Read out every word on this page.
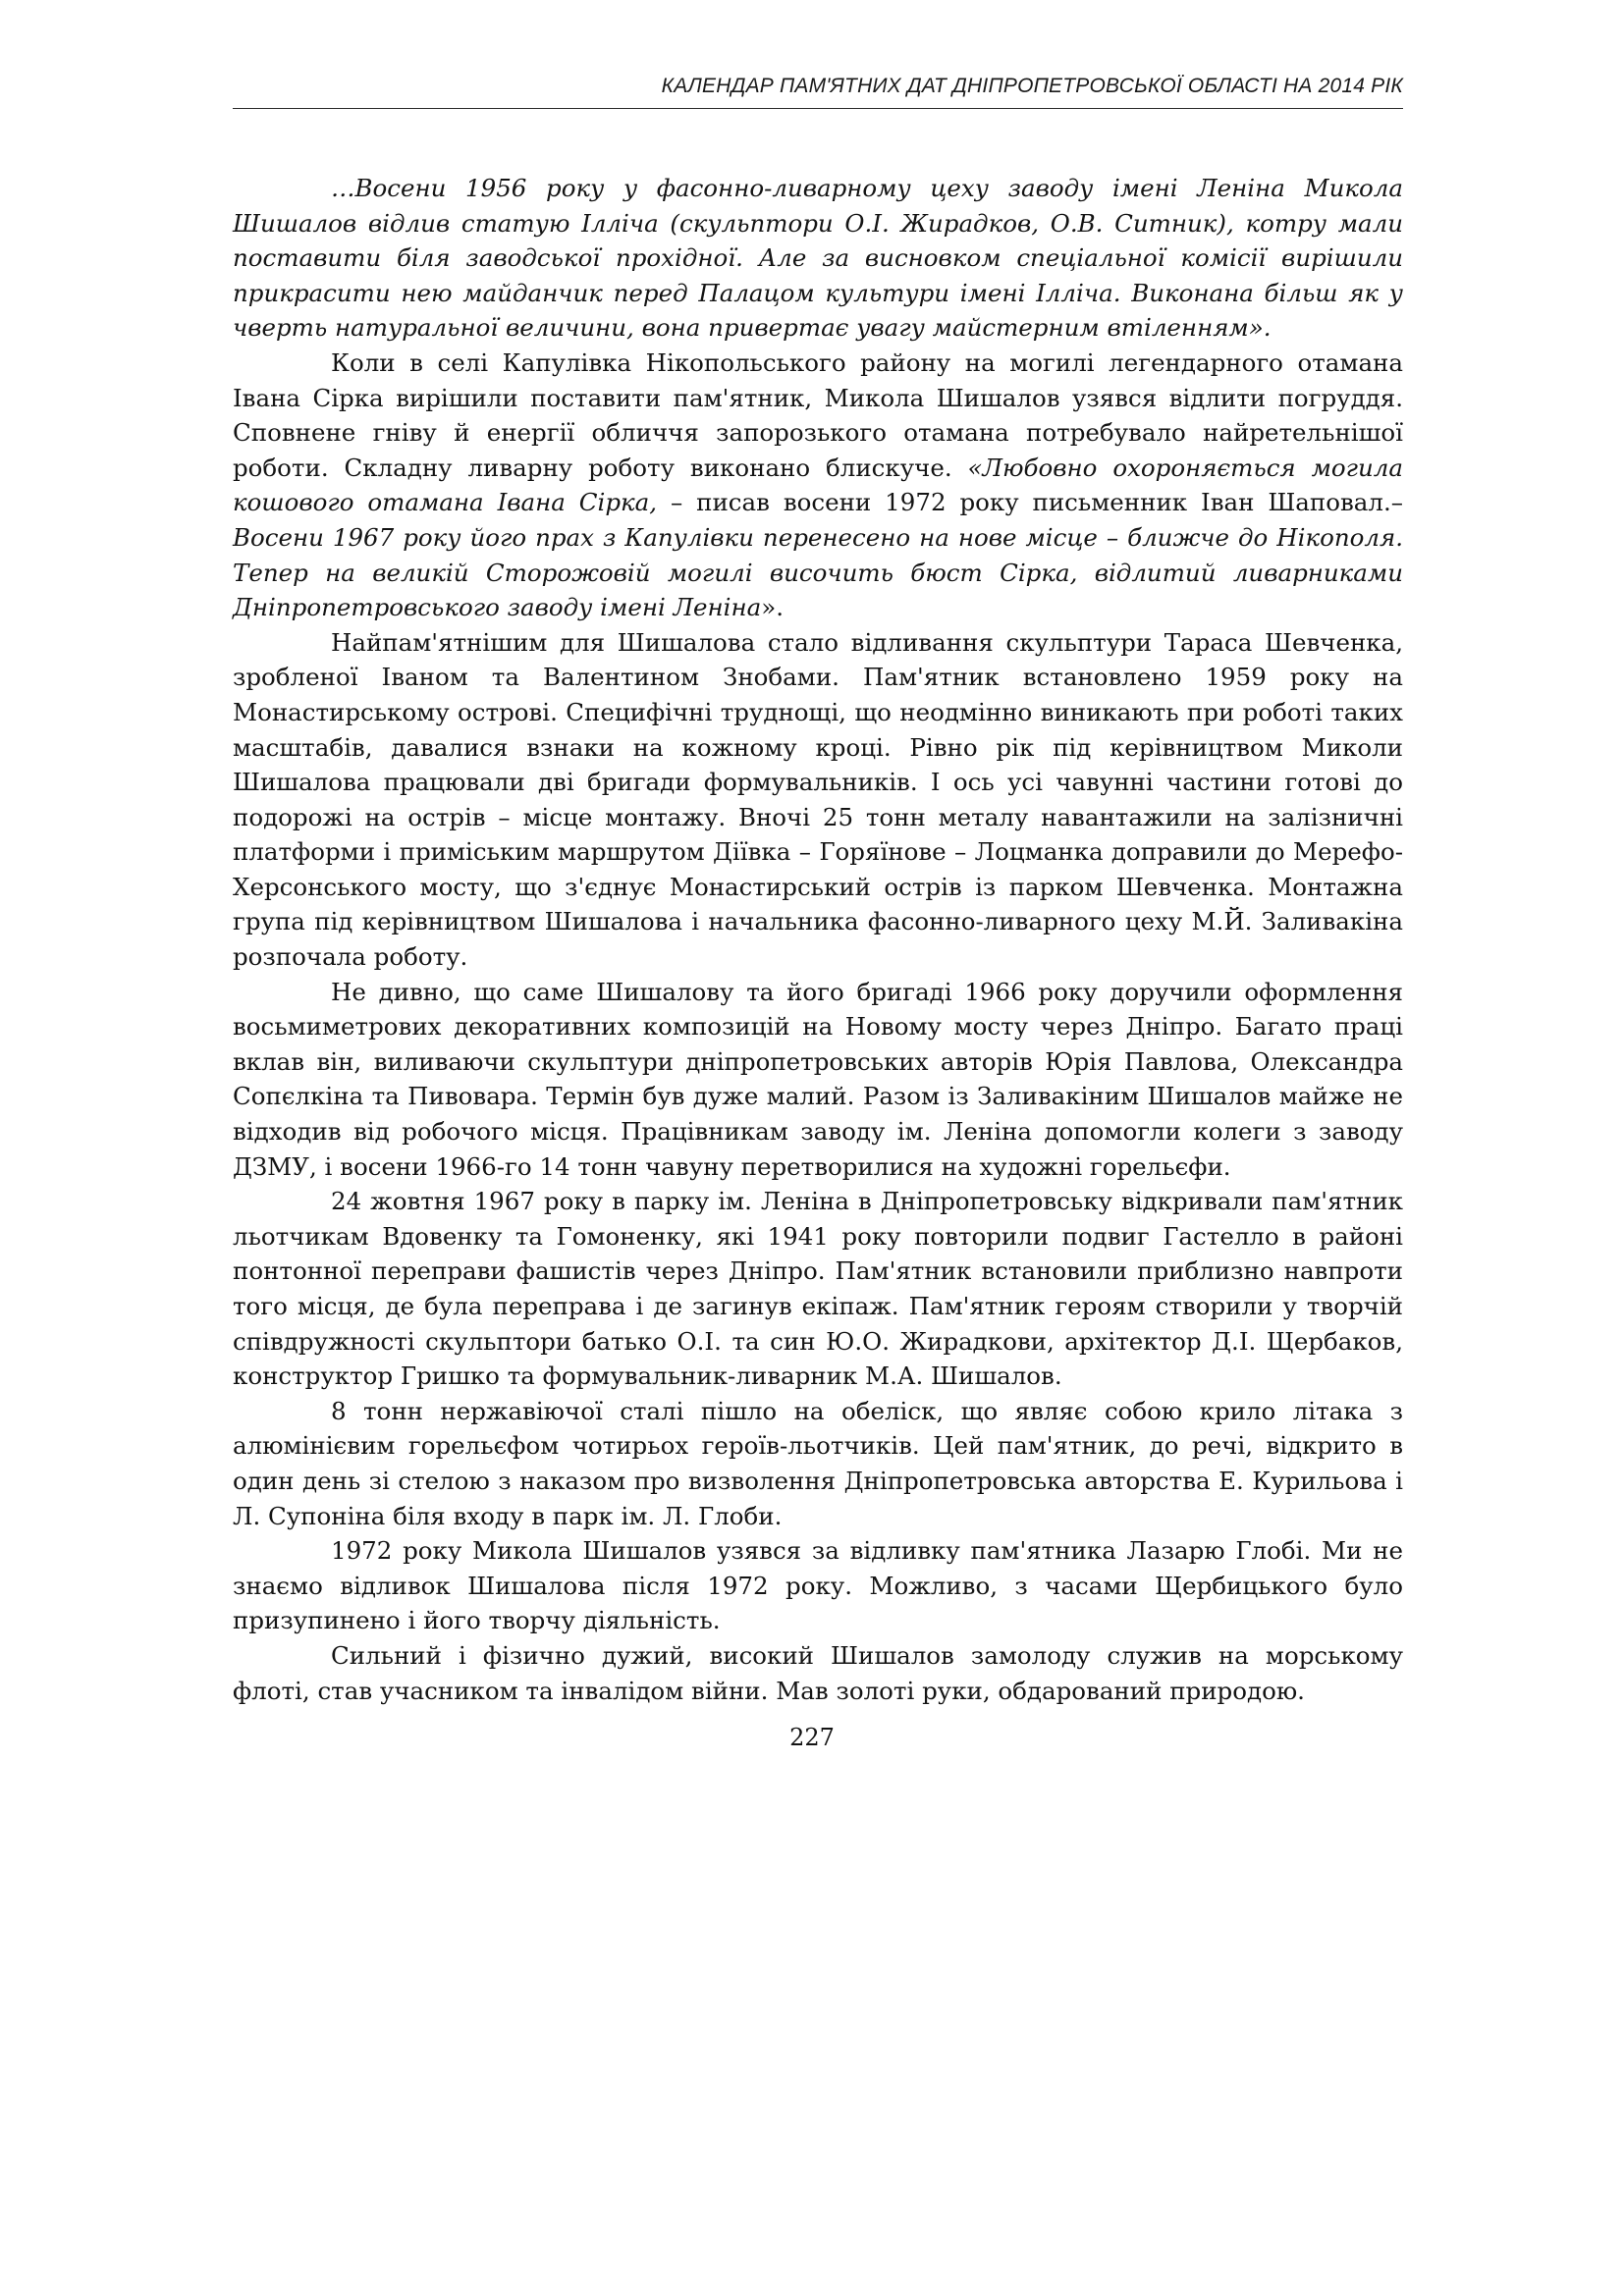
КАЛЕНДАР ПАМ'ЯТНИХ ДАТ ДНІПРОПЕТРОВСЬКОЇ ОБЛАСТІ НА 2014 РІК

…Восени 1956 року у фасонно-ливарному цеху заводу імені Леніна Микола Шишалов відлив статую Ілліча (скульптори О.І. Жирадков, О.В. Ситник), котру мали поставити біля заводської прохідної. Але за висновком спеціальної комісії вирішили прикрасити нею майданчик перед Палацом культури імені Ілліча. Виконана більш як у чверть натуральної величини, вона привертає увагу майстерним втіленням».

Коли в селі Капулівка Нікопольського району на могилі легендарного отамана Івана Сірка вирішили поставити пам'ятник, Микола Шишалов узявся відлити погруддя. Сповнене гніву й енергії обличчя запорозького отамана потребувало найретельнішої роботи. Складну ливарну роботу виконано блискуче. «Любовно охороняється могила кошового отамана Івана Сірка, – писав восени 1972 року письменник Іван Шаповал.– Восени 1967 року його прах з Капулівки перенесено на нове місце – ближче до Нікополя. Тепер на великій Сторожовій могилі височить бюст Сірка, відлитий ливарниками Дніпропетровського заводу імені Леніна».

Найпам'ятнішим для Шишалова стало відливання скульптури Тараса Шевченка, зробленої Іваном та Валентином Знобами. Пам'ятник встановлено 1959 року на Монастирському острові. Специфічні труднощі, що неодмінно виникають при роботі таких масштабів, давалися взнаки на кожному кроці. Рівно рік під керівництвом Миколи Шишалова працювали дві бригади формувальників. І ось усі чавунні частини готові до подорожі на острів – місце монтажу. Вночі 25 тонн металу навантажили на залізничні платформи і приміським маршрутом Діївка – Горяїнове – Лоцманка доправили до Мерефо-Херсонського мосту, що з'єднує Монастирський острів із парком Шевченка. Монтажна група під керівництвом Шишалова і начальника фасонно-ливарного цеху М.Й. Заливакіна розпочала роботу.

Не дивно, що саме Шишалову та його бригаді 1966 року доручили оформлення восьмиметрових декоративних композицій на Новому мосту через Дніпро. Багато праці вклав він, виливаючи скульптури дніпропетровських авторів Юрія Павлова, Олександра Сопєлкіна та Пивовара. Термін був дуже малий. Разом із Заливакіним Шишалов майже не відходив від робочого місця. Працівникам заводу ім. Леніна допомогли колеги з заводу ДЗМУ, і восени 1966-го 14 тонн чавуну перетворилися на художні горельєфи.

24 жовтня 1967 року в парку ім. Леніна в Дніпропетровську відкривали пам'ятник льотчикам Вдовенку та Гомоненку, які 1941 року повторили подвиг Гастелло в районі понтонної переправи фашистів через Дніпро. Пам'ятник встановили приблизно навпроти того місця, де була переправа і де загинув екіпаж. Пам'ятник героям створили у творчій співдружності скульптори батько О.І. та син Ю.О. Жирадкови, архітектор Д.І. Щербаков, конструктор Гришко та формувальник-ливарник М.А. Шишалов.

8 тонн нержавіючої сталі пішло на обеліск, що являє собою крило літака з алюмінієвим горельєфом чотирьох героїв-льотчиків. Цей пам'ятник, до речі, відкрито в один день зі стелою з наказом про визволення Дніпропетровська авторства Е. Курильова і Л. Супоніна біля входу в парк ім. Л. Глоби.

1972 року Микола Шишалов узявся за відливку пам'ятника Лазарю Глобі. Ми не знаємо відливок Шишалова після 1972 року. Можливо, з часами Щербицького було призупинено і його творчу діяльність.

Сильний і фізично дужий, високий Шишалов замолоду служив на морському флоті, став учасником та інвалідом війни. Мав золоті руки, обдарований природою.

227
